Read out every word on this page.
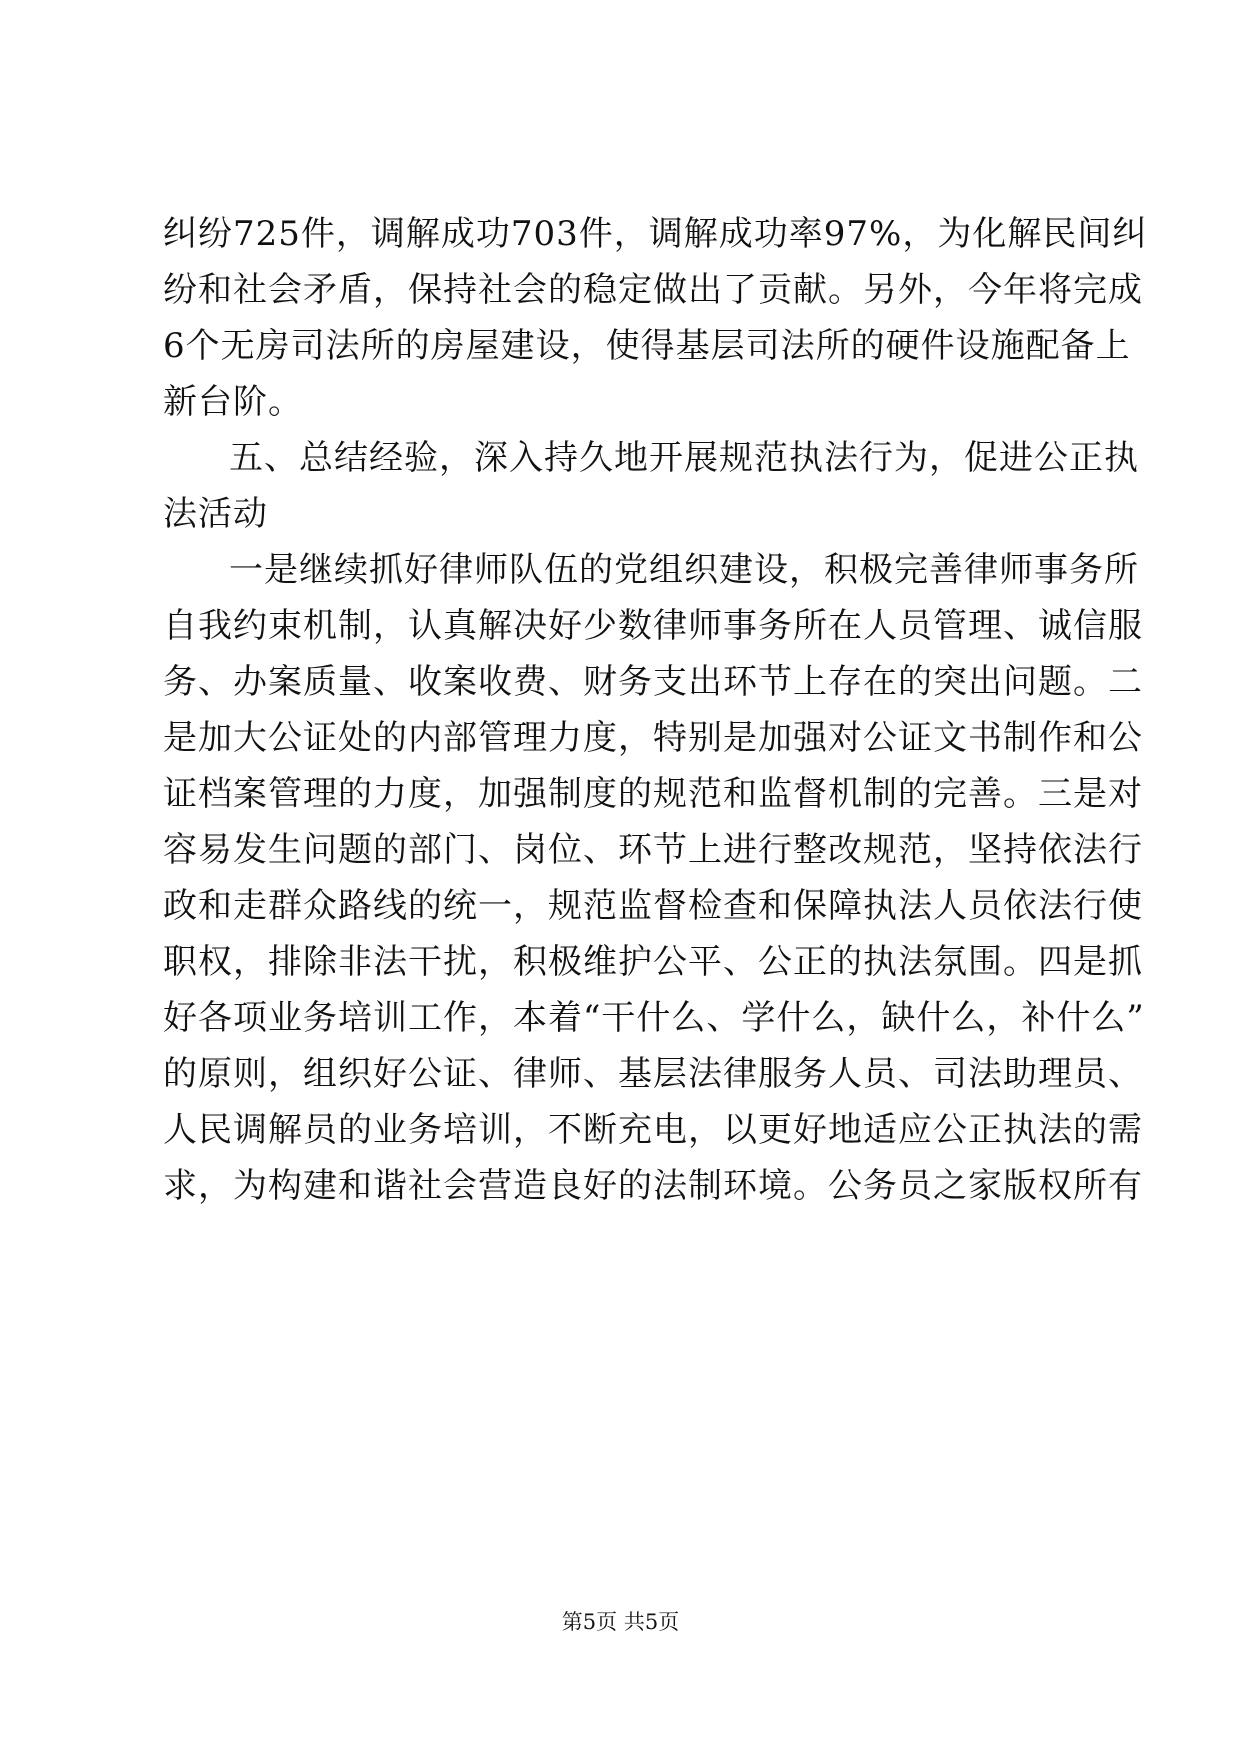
纠纷725件，调解成功703件，调解成功率97%，为化解民间纠
纷和社会矛盾，保持社会的稳定做出了贡献。另外，今年将完成
6个无房司法所的房屋建设，使得基层司法所的硬件设施配备上
新台阶。
五、总结经验，深入持久地开展规范执法行为，促进公正执
法活动
一是继续抓好律师队伍的党组织建设，积极完善律师事务所
自我约束机制，认真解决好少数律师事务所在人员管理、诚信服
务、办案质量、收案收费、财务支出环节上存在的突出问题。二
是加大公证处的内部管理力度，特别是加强对公证文书制作和公
证档案管理的力度，加强制度的规范和监督机制的完善。三是对
容易发生问题的部门、岗位、环节上进行整改规范，坚持依法行
政和走群众路线的统一，规范监督检查和保障执法人员依法行使
职权，排除非法干扰，积极维护公平、公正的执法氛围。四是抓
好各项业务培训工作，本着“干什么、学什么，缺什么，补什么”
的原则，组织好公证、律师、基层法律服务人员、司法助理员、
人民调解员的业务培训，不断充电，以更好地适应公正执法的需
求，为构建和谐社会营造良好的法制环境。公务员之家版权所有
第5页 共5页
